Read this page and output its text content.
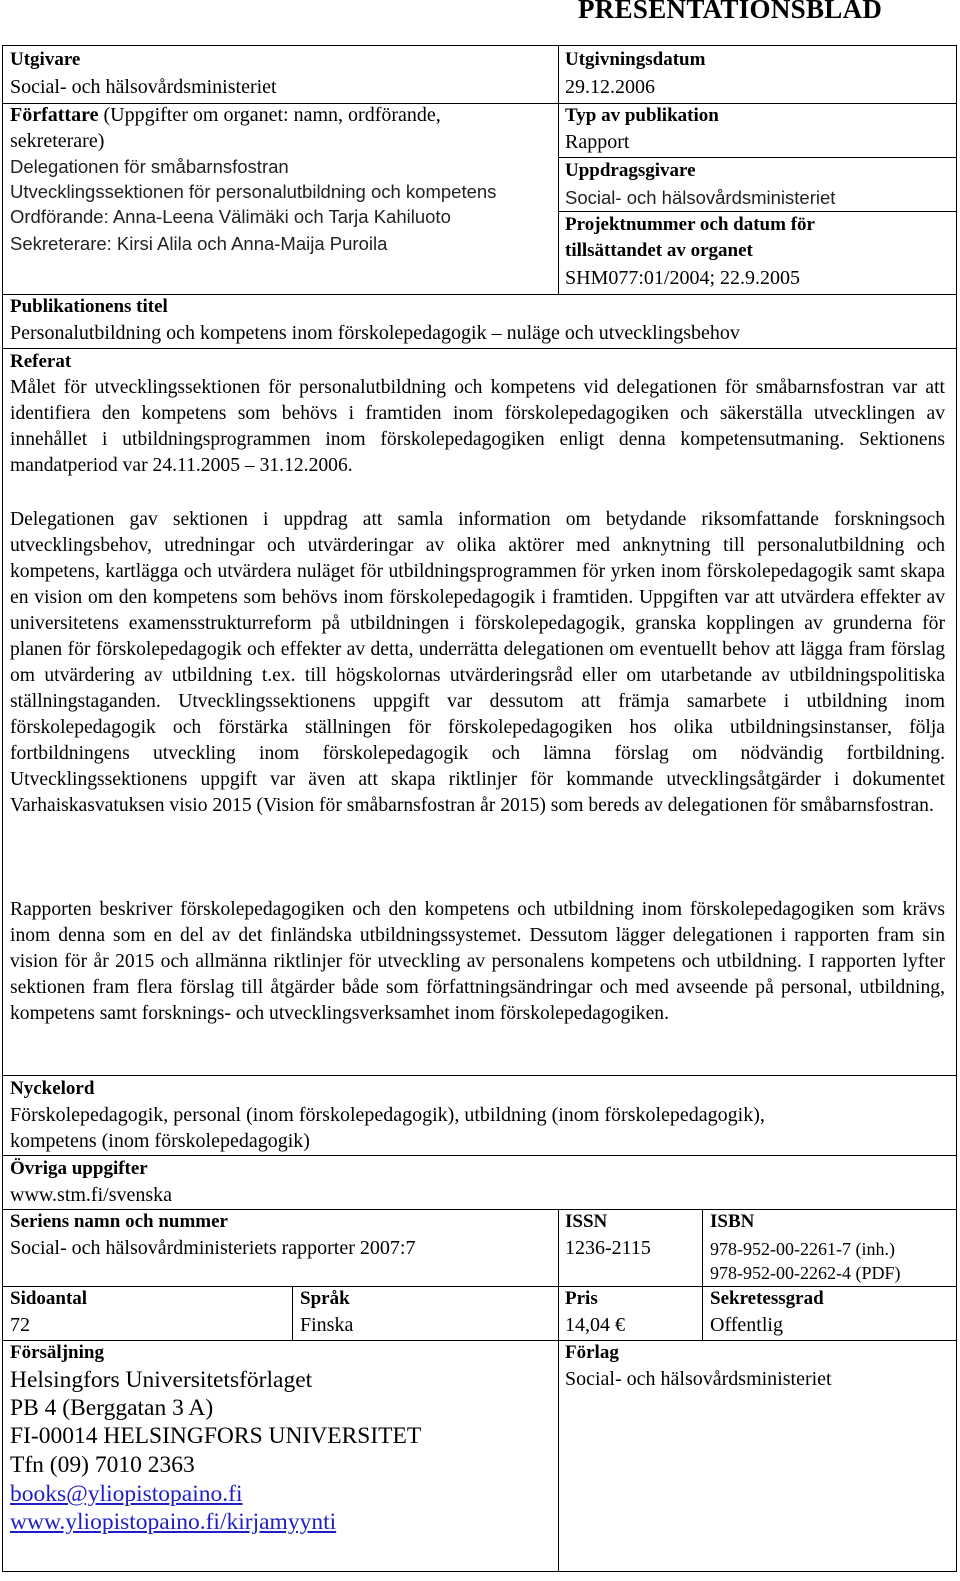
PRESENTATIONSBLAD
Utgivare
Social- och hälsovårdsministeriet
Författare (Uppgifter om organet: namn, ordförande,
sekreterare)
Delegationen för småbarnsfostran
Utvecklingssektionen för personalutbildning och kompetens
Ordförande: Anna-Leena Välimäki och Tarja Kahiluoto
Sekreterare: Kirsi Alila och Anna-Maija Puroila
Utgivningsdatum
29.12.2006
Typ av publikation
Rapport
Uppdragsgivare
Social- och hälsovårdsministeriet
Projektnummer och datum för
tillsättandet av organet
SHM077:01/2004; 22.9.2005
Publikationens titel
Personalutbildning och kompetens inom förskolepedagogik – nuläge och utvecklingsbehov
Referat
Målet för utvecklingssektionen för personalutbildning och kompetens vid delegationen för småbarnsfostran var att identifiera den kompetens som behövs i framtiden inom förskolepedagogiken och säkerställa utvecklingen av innehållet i utbildningsprogrammen inom förskolepedagogiken enligt denna kompetensutmaning. Sektionens mandatperiod var 24.11.2005 – 31.12.2006.
Delegationen gav sektionen i uppdrag att samla information om betydande riksomfattande forskningsoch utvecklingsbehov, utredningar och utvärderingar av olika aktörer med anknytning till personalutbildning och kompetens, kartlägga och utvärdera nuläget för utbildningsprogrammen för yrken inom förskolepedagogik samt skapa en vision om den kompetens som behövs inom förskolepedagogik i framtiden. Uppgiften var att utvärdera effekter av universitetens examensstrukturreform på utbildningen i förskolepedagogik, granska kopplingen av grunderna för planen för förskolepedagogik och effekter av detta, underrätta delegationen om eventuellt behov att lägga fram förslag om utvärdering av utbildning t.ex. till högskolornas utvärderingsråd eller om utarbetande av utbildningspolitiska ställningstaganden. Utvecklingssektionens uppgift var dessutom att främja samarbete i utbildning inom förskolepedagogik och förstärka ställningen för förskolepedagogiken hos olika utbildningsinstanser, följa fortbildningens utveckling inom förskolepedagogik och lämna förslag om nödvändig fortbildning. Utvecklingssektionens uppgift var även att skapa riktlinjer för kommande utvecklingsåtgärder i dokumentet Varhaiskasvatuksen visio 2015 (Vision för småbarnsfostran år 2015) som bereds av delegationen för småbarnsfostran.
Rapporten beskriver förskolepedagogiken och den kompetens och utbildning inom förskolepedagogiken som krävs inom denna som en del av det finländska utbildningssystemet. Dessutom lägger delegationen i rapporten fram sin vision för år 2015 och allmänna riktlinjer för utveckling av personalens kompetens och utbildning. I rapporten lyfter sektionen fram flera förslag till åtgärder både som författningsändringar och med avseende på personal, utbildning, kompetens samt forsknings- och utvecklingsverksamhet inom förskolepedagogiken.
Nyckelord
Förskolepedagogik, personal (inom förskolepedagogik), utbildning (inom förskolepedagogik),
kompetens (inom förskolepedagogik)
Övriga uppgifter
www.stm.fi/svenska
Seriens namn och nummer
Social- och hälsovårdministeriets rapporter 2007:7
ISSN
1236-2115
ISBN
978-952-00-2261-7 (inh.)
978-952-00-2262-4 (PDF)
Sidoantal
72
Språk
Finska
Pris
14,04 €
Sekretessgrad
Offentlig
Försäljning
Helsingfors Universitetsförlaget
PB 4 (Berggatan 3 A)
FI-00014 HELSINGFORS UNIVERSITET
Tfn (09) 7010 2363
books@yliopistopaino.fi
www.yliopistopaino.fi/kirjamyynti
Förlag
Social- och hälsovårdsministeriet
